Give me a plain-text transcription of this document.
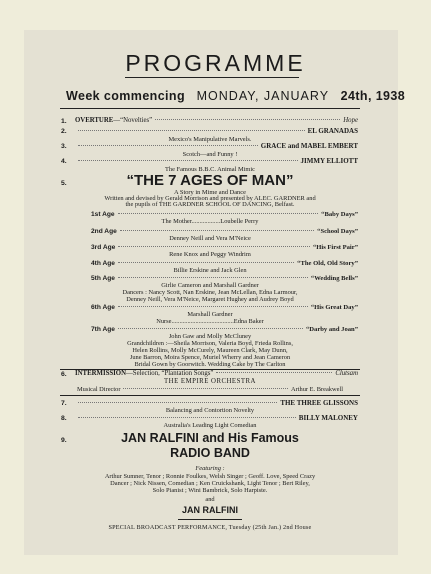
PROGRAMME
Week commencing MONDAY, JANUARY 24th, 1938
1. OVERTURE —“Novelties”	Hope
2.	EL GRANADAS
Mexico's Manipulative Marvels.
3.	GRACE and MABEL EMBERT
Scotch—and Funny !
4.	JIMMY ELLIOTT
The Famous B.B.C. Animal Mimic
5.	“THE 7 AGES OF MAN”
A Story in Mime and Dance
Written and devised by Gerald Morrison and presented by ALEC. GARDNER and
the pupils of THE GARDNER SCHOOL OF DANCING, Belfast.
1st Age	“Baby Days”
The Mother..................Loubelle Perry
2nd Age	“School Days”
Denney Neill and Vera M'Neice
3rd Age	“His First Pair”
Rene Knox and Peggy Windrim
4th Age	“The Old, Old Story”
Billie Erskine and Jack Glen
5th Age	“Wedding Bells”
Girlie Cameron and Marshall Gardner
Dancers : Nancy Scott, Nan Erskine, Jean McLellan, Edna Larmour,
Denney Neill, Vera M'Neice, Margaret Hughey and Audrey Boyd
6th Age	“His Great Day”
Marshall Gardner
Nurse.......................................Edna Baker
7th Age	“Darby and Joan”
John Gaw and Molly McCluney
Grandchildren :—Sheila Morrison, Valeria Boyd, Frieda Rollins,
Helen Rollins, Molly McCurely, Maureen Clark, May Dunn,
June Barron, Moira Spence, Muriel Wherry and Jean Cameron
Bridal Gown by Goorwitch. Wedding Cake by The Carlton
6. INTERMISSION —Selection, “Plantation Songs”	Clutsam
THE EMPIRE ORCHESTRA
Musical Director	Arthur E. Breakwell
7.	THE THREE GLISSONS
Balancing and Contortion Novelty
8.	BILLY MALONEY
Australia's Leading Light Comedian
9.	JAN RALFINI and His Famous
RADIO BAND
Featuring :
Arthur Sumner, Tenor ; Ronnie Foulkes, Welsh Singer ; Geoff. Love, Speed Crazy
Dancer ; Nick Nissen, Comedian ; Ken Cruickshank, Light Tenor ; Bert Riley,
Solo Pianist ; Wini Bambrick, Solo Harpiste.
and
JAN RALFINI
SPECIAL BROADCAST PERFORMANCE, Tuesday (25th Jan.) 2nd House
